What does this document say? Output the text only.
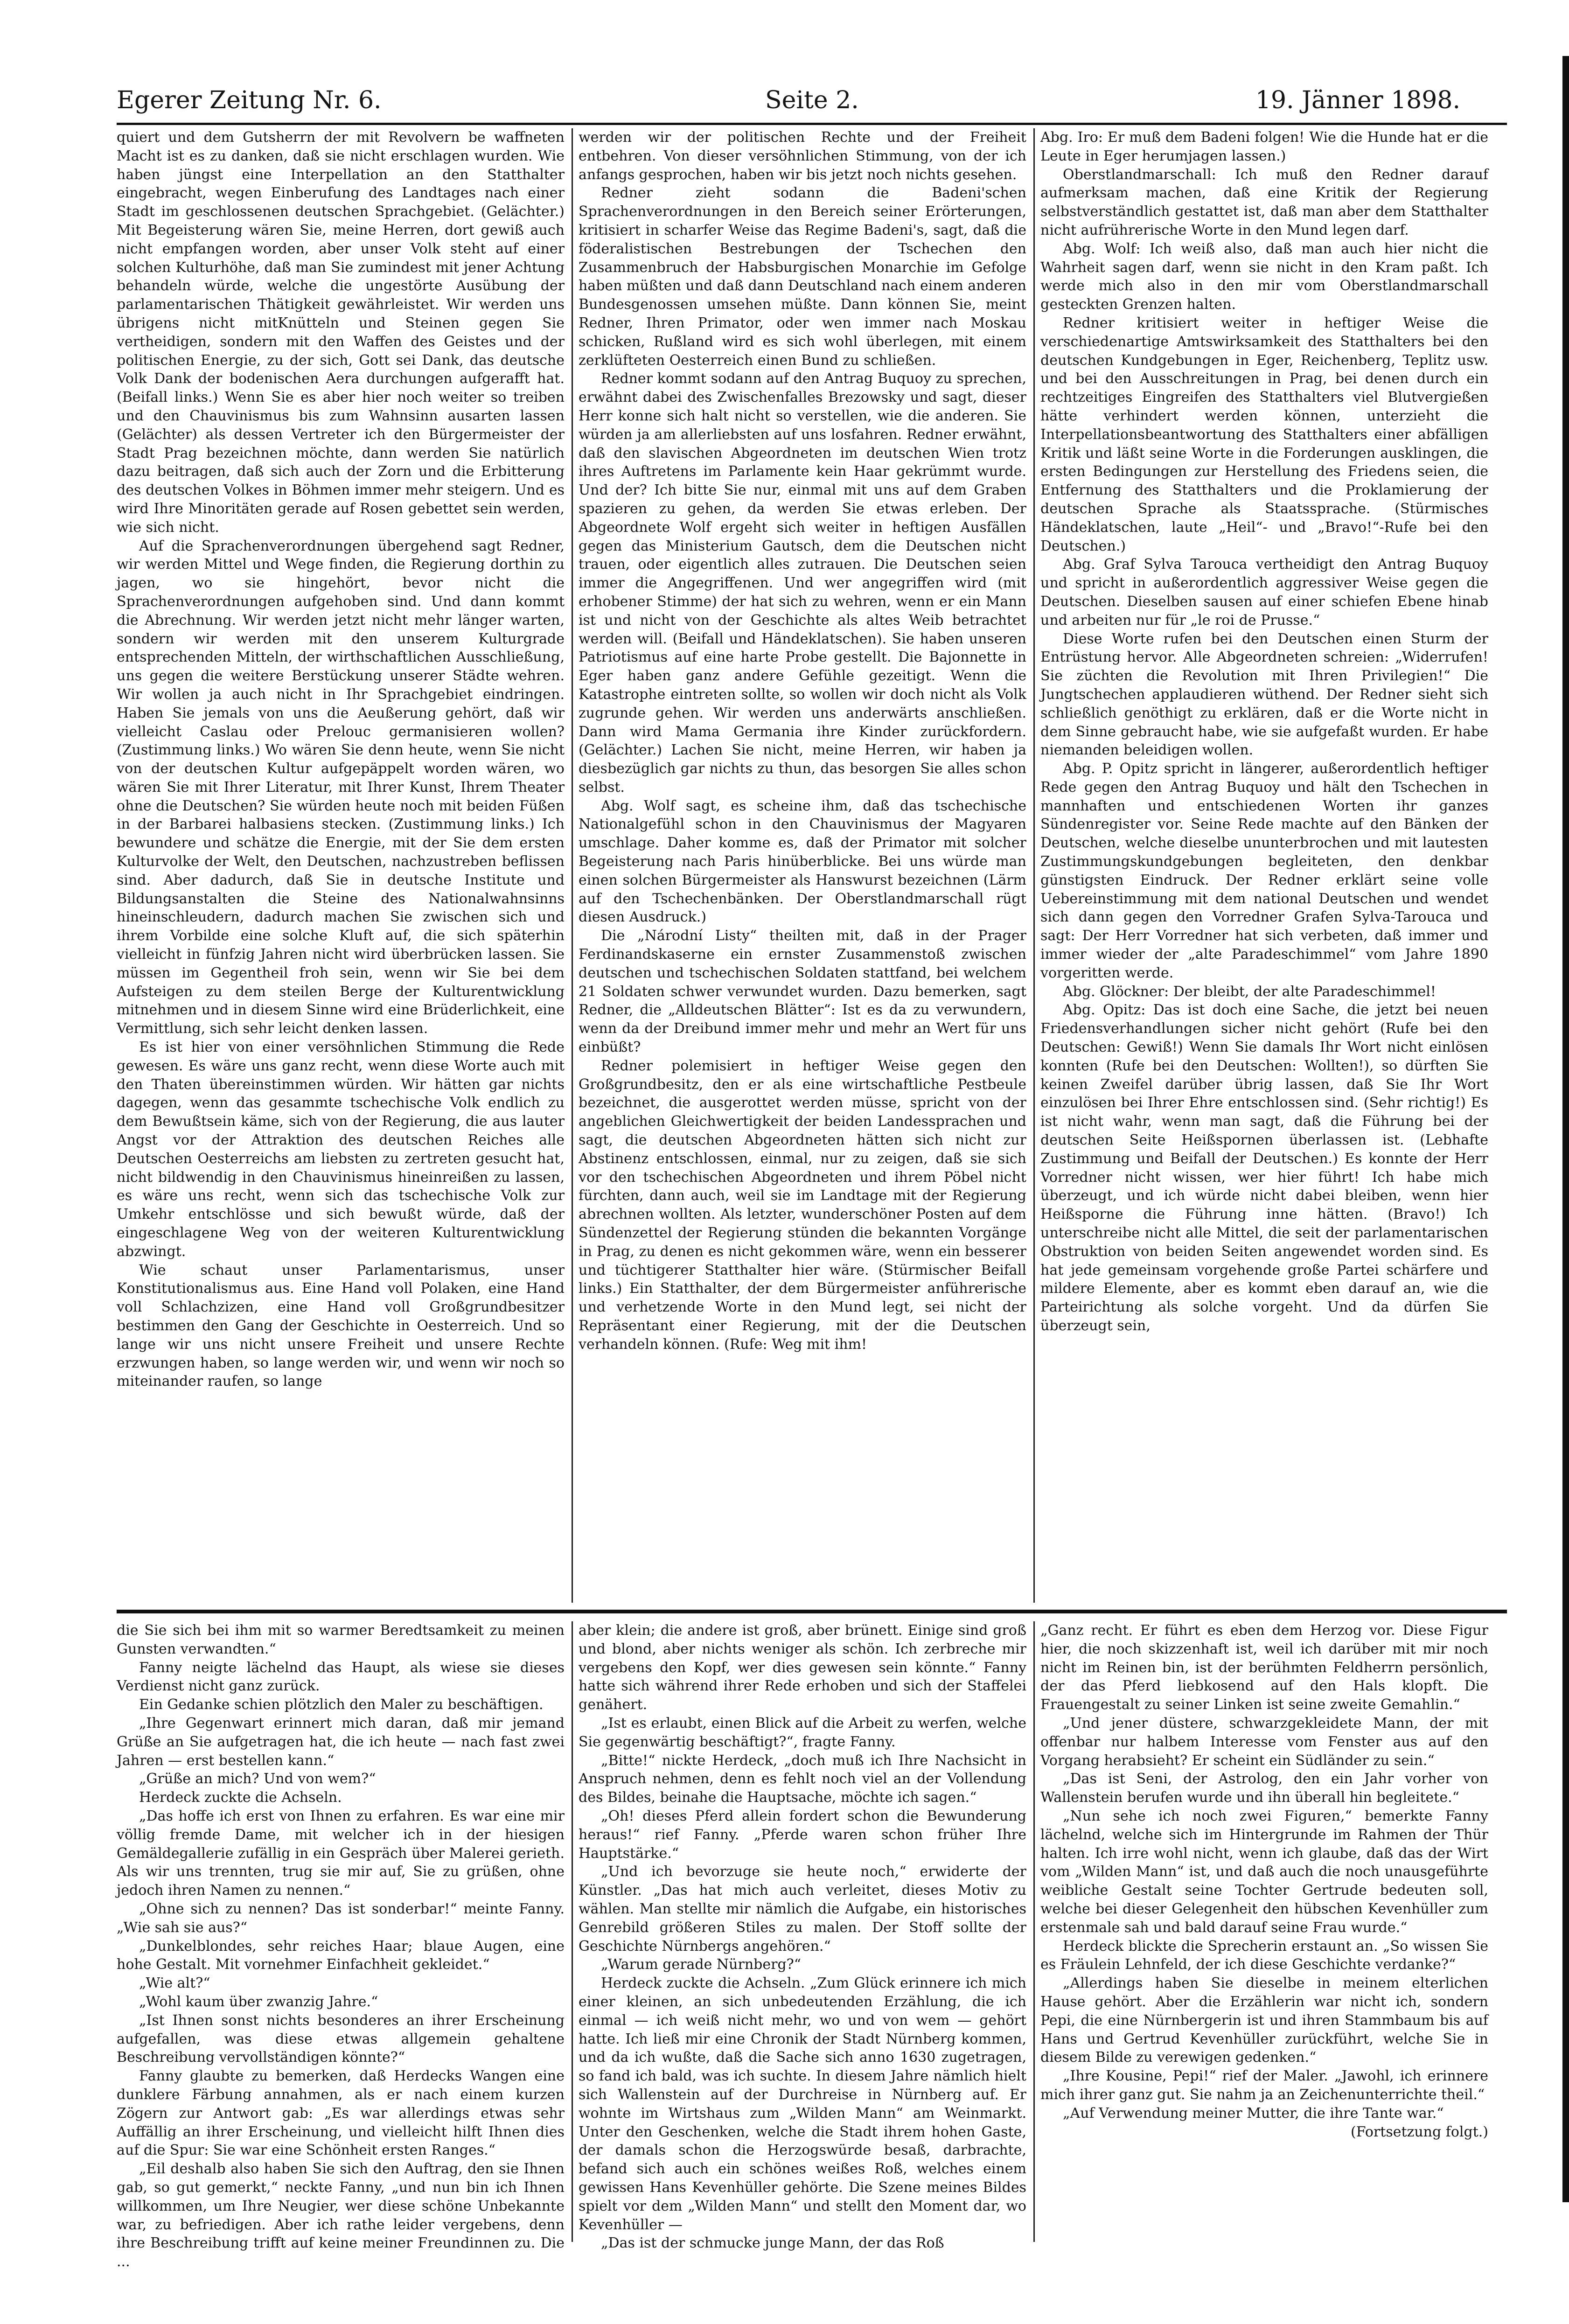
Egerer Zeitung Nr. 6.	Seite 2.	19. Jänner 1898.

quiert und dem Gutsherrn der mit Revolvern be waffneten Macht ist es zu danken, daß sie nicht erschlagen wurden. Wie haben jüngst eine Interpellation an den Statthalter eingebracht, wegen Einberufung des Landtages nach einer Stadt im geschlossenen deutschen Sprachgebiet. (Gelächter.) Mit Begeisterung wären Sie, meine Herren, dort gewiß auch nicht empfangen worden, aber unser Volk steht auf einer solchen Kulturhöhe, daß man Sie zumindest mit jener Achtung behandeln würde, welche die ungestörte Ausübung der parlamentarischen Thätigkeit gewährleistet. Wir werden uns übrigens nicht mitKnütteln und Steinen gegen Sie vertheidigen, sondern mit den Waffen des Geistes und der politischen Energie, zu der sich, Gott sei Dank, das deutsche Volk Dank der bodenischen Aera durchungen aufgerafft hat. (Beifall links.) Wenn Sie es aber hier noch weiter so treiben und den Chauvinismus bis zum Wahnsinn ausarten lassen (Gelächter) als dessen Vertreter ich den Bürgermeister der Stadt Prag bezeichnen möchte, dann werden Sie natürlich dazu beitragen, daß sich auch der Zorn und die Erbitterung des deutschen Volkes in Böhmen immer mehr steigern. Und es wird Ihre Minoritäten gerade auf Rosen gebettet sein werden, wie sich nicht.

Auf die Sprachenverordnungen übergehend sagt Redner, wir werden Mittel und Wege finden, die Regierung dorthin zu jagen, wo sie hingehört, bevor nicht die Sprachenverordnungen aufgehoben sind. Und dann kommt die Abrechnung. Wir werden jetzt nicht mehr länger warten, sondern wir werden mit den unserem Kulturgrade entsprechenden Mitteln, der wirthschaftlichen Ausschließung, uns gegen die weitere Berstückung unserer Städte wehren. Wir wollen ja auch nicht in Ihr Sprachgebiet eindringen. Haben Sie jemals von uns die Aeußerung gehört, daß wir vielleicht Caslau oder Prelouc germanisieren wollen? (Zustimmung links.) Wo wären Sie denn heute, wenn Sie nicht von der deutschen Kultur aufgepäppelt worden wären, wo wären Sie mit Ihrer Literatur, mit Ihrer Kunst, Ihrem Theater ohne die Deutschen? Sie würden heute noch mit beiden Füßen in der Barbarei halbasiens stecken. (Zustimmung links.) Ich bewundere und schätze die Energie, mit der Sie dem ersten Kulturvolke der Welt, den Deutschen, nachzustreben beflissen sind. Aber dadurch, daß Sie in deutsche Institute und Bildungsanstalten die Steine des Nationalwahnsinns hineinschleudern, dadurch machen Sie zwischen sich und ihrem Vorbilde eine solche Kluft auf, die sich späterhin vielleicht in fünfzig Jahren nicht wird überbrücken lassen. Sie müssen im Gegentheil froh sein, wenn wir Sie bei dem Aufsteigen zu dem steilen Berge der Kulturentwicklung mitnehmen und in diesem Sinne wird eine Brüderlichkeit, eine Vermittlung, sich sehr leicht denken lassen.

Es ist hier von einer versöhnlichen Stimmung die Rede gewesen. Es wäre uns ganz recht, wenn diese Worte auch mit den Thaten übereinstimmen würden. Wir hätten gar nichts dagegen, wenn das gesammte tschechische Volk endlich zu dem Bewußtsein käme, sich von der Regierung, die aus lauter Angst vor der Attraktion des deutschen Reiches alle Deutschen Oesterreichs am liebsten zu zertreten gesucht hat, nicht bildwendig in den Chauvinismus hineinreißen zu lassen, es wäre uns recht, wenn sich das tschechische Volk zur Umkehr entschlösse und sich bewußt würde, daß der eingeschlagene Weg von der weiteren Kulturentwicklung abzwingt.

Wie schaut unser Parlamentarismus, unser Konstitutionalismus aus. Eine Hand voll Polaken, eine Hand voll Schlachzizen, eine Hand voll Großgrundbesitzer bestimmen den Gang der Geschichte in Oesterreich. Und so lange wir uns nicht unsere Freiheit und unsere Rechte erzwungen haben, so lange werden wir, und wenn wir noch so miteinander raufen, so lange

werden wir der politischen Rechte und der Freiheit entbehren. Von dieser versöhnlichen Stimmung, von der ich anfangs gesprochen, haben wir bis jetzt noch nichts gesehen.

Redner zieht sodann die Badeni'schen Sprachenverordnungen in den Bereich seiner Erörterungen, kritisiert in scharfer Weise das Regime Badeni's, sagt, daß die föderalistischen Bestrebungen der Tschechen den Zusammenbruch der Habsburgischen Monarchie im Gefolge haben müßten und daß dann Deutschland nach einem anderen Bundesgenossen umsehen müßte. Dann können Sie, meint Redner, Ihren Primator, oder wen immer nach Moskau schicken, Rußland wird es sich wohl überlegen, mit einem zerklüfteten Oesterreich einen Bund zu schließen.

Redner kommt sodann auf den Antrag Buquoy zu sprechen, erwähnt dabei des Zwischenfalles Brezowsky und sagt, dieser Herr konne sich halt nicht so verstellen, wie die anderen. Sie würden ja am allerliebsten auf uns losfahren. Redner erwähnt, daß den slavischen Abgeordneten im deutschen Wien trotz ihres Auftretens im Parlamente kein Haar gekrümmt wurde. Und der? Ich bitte Sie nur, einmal mit uns auf dem Graben spazieren zu gehen, da werden Sie etwas erleben. Der Abgeordnete Wolf ergeht sich weiter in heftigen Ausfällen gegen das Ministerium Gautsch, dem die Deutschen nicht trauen, oder eigentlich alles zutrauen. Die Deutschen seien immer die Angegriffenen. Und wer angegriffen wird (mit erhobener Stimme) der hat sich zu wehren, wenn er ein Mann ist und nicht von der Geschichte als altes Weib betrachtet werden will. (Beifall und Händeklatschen). Sie haben unseren Patriotismus auf eine harte Probe gestellt. Die Bajonnette in Eger haben ganz andere Gefühle gezeitigt. Wenn die Katastrophe eintreten sollte, so wollen wir doch nicht als Volk zugrunde gehen. Wir werden uns anderwärts anschließen. Dann wird Mama Germania ihre Kinder zurückfordern. (Gelächter.) Lachen Sie nicht, meine Herren, wir haben ja diesbezüglich gar nichts zu thun, das besorgen Sie alles schon selbst.

Abg. Wolf sagt, es scheine ihm, daß das tschechische Nationalgefühl schon in den Chauvinismus der Magyaren umschlage. Daher komme es, daß der Primator mit solcher Begeisterung nach Paris hinüberblicke. Bei uns würde man einen solchen Bürgermeister als Hanswurst bezeichnen (Lärm auf den Tschechenbänken. Der Oberstlandmarschall rügt diesen Ausdruck.)

Die „Národní Listy“ theilten mit, daß in der Prager Ferdinandskaserne ein ernster Zusammenstoß zwischen deutschen und tschechischen Soldaten stattfand, bei welchem 21 Soldaten schwer verwundet wurden. Dazu bemerken, sagt Redner, die „Alldeutschen Blätter“: Ist es da zu verwundern, wenn da der Dreibund immer mehr und mehr an Wert für uns einbüßt?

Redner polemisiert in heftiger Weise gegen den Großgrundbesitz, den er als eine wirtschaftliche Pestbeule bezeichnet, die ausgerottet werden müsse, spricht von der angeblichen Gleichwertigkeit der beiden Landessprachen und sagt, die deutschen Abgeordneten hätten sich nicht zur Abstinenz entschlossen, einmal, nur zu zeigen, daß sie sich vor den tschechischen Abgeordneten und ihrem Pöbel nicht fürchten, dann auch, weil sie im Landtage mit der Regierung abrechnen wollten. Als letzter, wunderschöner Posten auf dem Sündenzettel der Regierung stünden die bekannten Vorgänge in Prag, zu denen es nicht gekommen wäre, wenn ein besserer und tüchtigerer Statthalter hier wäre. (Stürmischer Beifall links.) Ein Statthalter, der dem Bürgermeister anführerische und verhetzende Worte in den Mund legt, sei nicht der Repräsentant einer Regierung, mit der die Deutschen verhandeln können. (Rufe: Weg mit ihm!

Abg. Iro: Er muß dem Badeni folgen! Wie die Hunde hat er die Leute in Eger herumjagen lassen.)

Oberstlandmarschall: Ich muß den Redner darauf aufmerksam machen, daß eine Kritik der Regierung selbstverständlich gestattet ist, daß man aber dem Statthalter nicht aufrührerische Worte in den Mund legen darf.

Abg. Wolf: Ich weiß also, daß man auch hier nicht die Wahrheit sagen darf, wenn sie nicht in den Kram paßt. Ich werde mich also in den mir vom Oberstlandmarschall gesteckten Grenzen halten.

Redner kritisiert weiter in heftiger Weise die verschiedenartige Amtswirksamkeit des Statthalters bei den deutschen Kundgebungen in Eger, Reichenberg, Teplitz usw. und bei den Ausschreitungen in Prag, bei denen durch ein rechtzeitiges Eingreifen des Statthalters viel Blutvergießen hätte verhindert werden können, unterzieht die Interpellationsbeantwortung des Statthalters einer abfälligen Kritik und läßt seine Worte in die Forderungen ausklingen, die ersten Bedingungen zur Herstellung des Friedens seien, die Entfernung des Statthalters und die Proklamierung der deutschen Sprache als Staatssprache. (Stürmisches Händeklatschen, laute „Heil“- und „Bravo!“-Rufe bei den Deutschen.)

Abg. Graf Sylva Tarouca vertheidigt den Antrag Buquoy und spricht in außerordentlich aggressiver Weise gegen die Deutschen. Dieselben sausen auf einer schiefen Ebene hinab und arbeiten nur für „le roi de Prusse.“

Diese Worte rufen bei den Deutschen einen Sturm der Entrüstung hervor. Alle Abgeordneten schreien: „Widerrufen! Sie züchten die Revolution mit Ihren Privilegien!“ Die Jungtschechen applaudieren wüthend. Der Redner sieht sich schließlich genöthigt zu erklären, daß er die Worte nicht in dem Sinne gebraucht habe, wie sie aufgefaßt wurden. Er habe niemanden beleidigen wollen.

Abg. P. Opitz spricht in längerer, außerordentlich heftiger Rede gegen den Antrag Buquoy und hält den Tschechen in mannhaften und entschiedenen Worten ihr ganzes Sündenregister vor. Seine Rede machte auf den Bänken der Deutschen, welche dieselbe ununterbrochen und mit lautesten Zustimmungskundgebungen begleiteten, den denkbar günstigsten Eindruck. Der Redner erklärt seine volle Uebereinstimmung mit dem national Deutschen und wendet sich dann gegen den Vorredner Grafen Sylva-Tarouca und sagt: Der Herr Vorredner hat sich verbeten, daß immer und immer wieder der „alte Paradeschimmel“ vom Jahre 1890 vorgeritten werde.

Abg. Glöckner: Der bleibt, der alte Paradeschimmel!

Abg. Opitz: Das ist doch eine Sache, die jetzt bei neuen Friedensverhandlungen sicher nicht gehört (Rufe bei den Deutschen: Gewiß!) Wenn Sie damals Ihr Wort nicht einlösen konnten (Rufe bei den Deutschen: Wollten!), so dürften Sie keinen Zweifel darüber übrig lassen, daß Sie Ihr Wort einzulösen bei Ihrer Ehre entschlossen sind. (Sehr richtig!) Es ist nicht wahr, wenn man sagt, daß die Führung bei der deutschen Seite Heißspornen überlassen ist. (Lebhafte Zustimmung und Beifall der Deutschen.) Es konnte der Herr Vorredner nicht wissen, wer hier führt! Ich habe mich überzeugt, und ich würde nicht dabei bleiben, wenn hier Heißsporne die Führung inne hätten. (Bravo!) Ich unterschreibe nicht alle Mittel, die seit der parlamentarischen Obstruktion von beiden Seiten angewendet worden sind. Es hat jede gemeinsam vorgehende große Partei schärfere und mildere Elemente, aber es kommt eben darauf an, wie die Parteirichtung als solche vorgeht. Und da dürfen Sie überzeugt sein,

die Sie sich bei ihm mit so warmer Beredtsamkeit zu meinen Gunsten verwandten.“

Fanny neigte lächelnd das Haupt, als wiese sie dieses Verdienst nicht ganz zurück.

Ein Gedanke schien plötzlich den Maler zu beschäftigen.

„Ihre Gegenwart erinnert mich daran, daß mir jemand Grüße an Sie aufgetragen hat, die ich heute — nach fast zwei Jahren — erst bestellen kann.“

„Grüße an mich? Und von wem?“

Herdeck zuckte die Achseln.

„Das hoffe ich erst von Ihnen zu erfahren. Es war eine mir völlig fremde Dame, mit welcher ich in der hiesigen Gemäldegallerie zufällig in ein Gespräch über Malerei gerieth. Als wir uns trennten, trug sie mir auf, Sie zu grüßen, ohne jedoch ihren Namen zu nennen.“

„Ohne sich zu nennen? Das ist sonderbar!“ meinte Fanny. „Wie sah sie aus?“

„Dunkelblondes, sehr reiches Haar; blaue Augen, eine hohe Gestalt. Mit vornehmer Einfachheit gekleidet.“

„Wie alt?“

„Wohl kaum über zwanzig Jahre.“

„Ist Ihnen sonst nichts besonderes an ihrer Erscheinung aufgefallen, was diese etwas allgemein gehaltene Beschreibung vervollständigen könnte?“

Fanny glaubte zu bemerken, daß Herdecks Wangen eine dunklere Färbung annahmen, als er nach einem kurzen Zögern zur Antwort gab: „Es war allerdings etwas sehr Auffällig an ihrer Erscheinung, und vielleicht hilft Ihnen dies auf die Spur: Sie war eine Schönheit ersten Ranges.“

„Eil deshalb also haben Sie sich den Auftrag, den sie Ihnen gab, so gut gemerkt,“ neckte Fanny, „und nun bin ich Ihnen willkommen, um Ihre Neugier, wer diese schöne Unbekannte war, zu befriedigen. Aber ich rathe leider vergebens, denn ihre Beschreibung trifft auf keine meiner Freundinnen zu. Die ...

aber klein; die andere ist groß, aber brünett. Einige sind groß und blond, aber nichts weniger als schön. Ich zerbreche mir vergebens den Kopf, wer dies gewesen sein könnte.“ Fanny hatte sich während ihrer Rede erhoben und sich der Staffelei genähert.

„Ist es erlaubt, einen Blick auf die Arbeit zu werfen, welche Sie gegenwärtig beschäftigt?“, fragte Fanny.

„Bitte!“ nickte Herdeck, „doch muß ich Ihre Nachsicht in Anspruch nehmen, denn es fehlt noch viel an der Vollendung des Bildes, beinahe die Hauptsache, möchte ich sagen.“

„Oh! dieses Pferd allein fordert schon die Bewunderung heraus!“ rief Fanny. „Pferde waren schon früher Ihre Hauptstärke.“

„Und ich bevorzuge sie heute noch,“ erwiderte der Künstler. „Das hat mich auch verleitet, dieses Motiv zu wählen. Man stellte mir nämlich die Aufgabe, ein historisches Genrebild größeren Stiles zu malen. Der Stoff sollte der Geschichte Nürnbergs angehören.“

„Warum gerade Nürnberg?“

Herdeck zuckte die Achseln. „Zum Glück erinnere ich mich einer kleinen, an sich unbedeutenden Erzählung, die ich einmal — ich weiß nicht mehr, wo und von wem — gehört hatte. Ich ließ mir eine Chronik der Stadt Nürnberg kommen, und da ich wußte, daß die Sache sich anno 1630 zugetragen, so fand ich bald, was ich suchte. In diesem Jahre nämlich hielt sich Wallenstein auf der Durchreise in Nürnberg auf. Er wohnte im Wirtshaus zum „Wilden Mann“ am Weinmarkt. Unter den Geschenken, welche die Stadt ihrem hohen Gaste, der damals schon die Herzogswürde besaß, darbrachte, befand sich auch ein schönes weißes Roß, welches einem gewissen Hans Kevenhüller gehörte. Die Szene meines Bildes spielt vor dem „Wilden Mann“ und stellt den Moment dar, wo Kevenhüller —

„Das ist der schmucke junge Mann, der das Roß

„Ganz recht. Er führt es eben dem Herzog vor. Diese Figur hier, die noch skizzenhaft ist, weil ich darüber mit mir noch nicht im Reinen bin, ist der berühmten Feldherrn persönlich, der das Pferd liebkosend auf den Hals klopft. Die Frauengestalt zu seiner Linken ist seine zweite Gemahlin.“

„Und jener düstere, schwarzgekleidete Mann, der mit offenbar nur halbem Interesse vom Fenster aus auf den Vorgang herabsieht? Er scheint ein Südländer zu sein.“

„Das ist Seni, der Astrolog, den ein Jahr vorher von Wallenstein berufen wurde und ihn überall hin begleitete.“

„Nun sehe ich noch zwei Figuren,“ bemerkte Fanny lächelnd, welche sich im Hintergrunde im Rahmen der Thür halten. Ich irre wohl nicht, wenn ich glaube, daß das der Wirt vom „Wilden Mann“ ist, und daß auch die noch unausgeführte weibliche Gestalt seine Tochter Gertrude bedeuten soll, welche bei dieser Gelegenheit den hübschen Kevenhüller zum erstenmale sah und bald darauf seine Frau wurde.“

Herdeck blickte die Sprecherin erstaunt an. „So wissen Sie es Fräulein Lehnfeld, der ich diese Geschichte verdanke?“

„Allerdings haben Sie dieselbe in meinem elterlichen Hause gehört. Aber die Erzählerin war nicht ich, sondern Pepi, die eine Nürnbergerin ist und ihren Stammbaum bis auf Hans und Gertrud Kevenhüller zurückführt, welche Sie in diesem Bilde zu verewigen gedenken.“

„Ihre Kousine, Pepi!“ rief der Maler. „Jawohl, ich erinnere mich ihrer ganz gut. Sie nahm ja an Zeichenunterrichte theil.“

„Auf Verwendung meiner Mutter, die ihre Tante war.“

(Fortsetzung folgt.)
